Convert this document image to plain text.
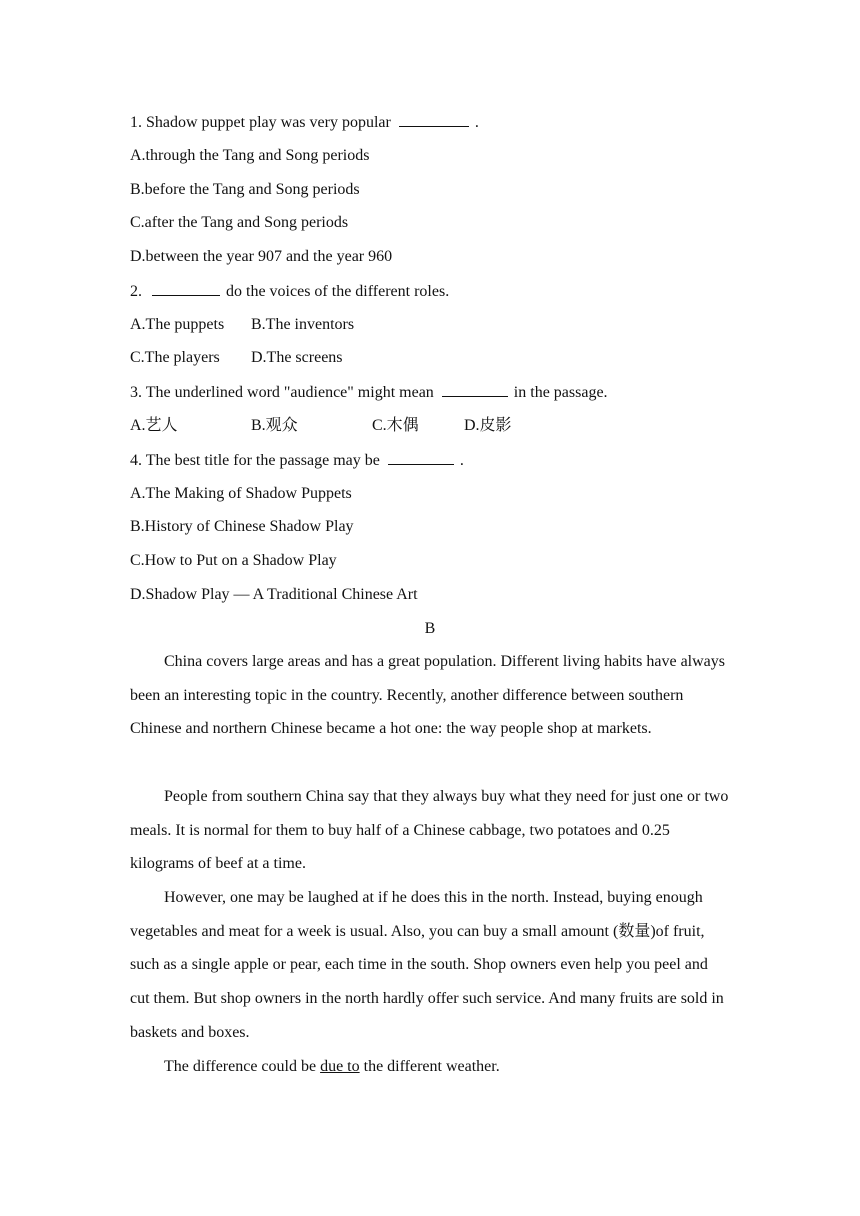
1. Shadow puppet play was very popular	.
A.through the Tang and Song periods
B.before the Tang and Song periods
C.after the Tang and Song periods
D.between the year 907 and the year 960
2.	do the voices of the different roles.
A.The puppets B.The inventors
C.The players D.The screens
3. The underlined word "audience" might mean	in the passage.
A.艺人	B.观众	C.木偶	D.皮影
4. The best title for the passage may be	.
A.The Making of Shadow Puppets
B.History of Chinese Shadow Play
C.How to Put on a Shadow Play
D.Shadow Play — A Traditional Chinese Art
B

China covers large areas and has a great population. Different living habits have always been an interesting topic in the country. Recently, another difference between southern Chinese and northern Chinese became a hot one: the way people shop at markets.

People from southern China say that they always buy what they need for just one or two meals. It is normal for them to buy half of a Chinese cabbage, two potatoes and 0.25 kilograms of beef at a time.

However, one may be laughed at if he does this in the north. Instead, buying enough vegetables and meat for a week is usual. Also, you can buy a small amount (数量)of fruit, such as a single apple or pear, each time in the south. Shop owners even help you peel and cut them. But shop owners in the north hardly offer such service. And many fruits are sold in baskets and boxes.

The difference could be due to the different weather.
